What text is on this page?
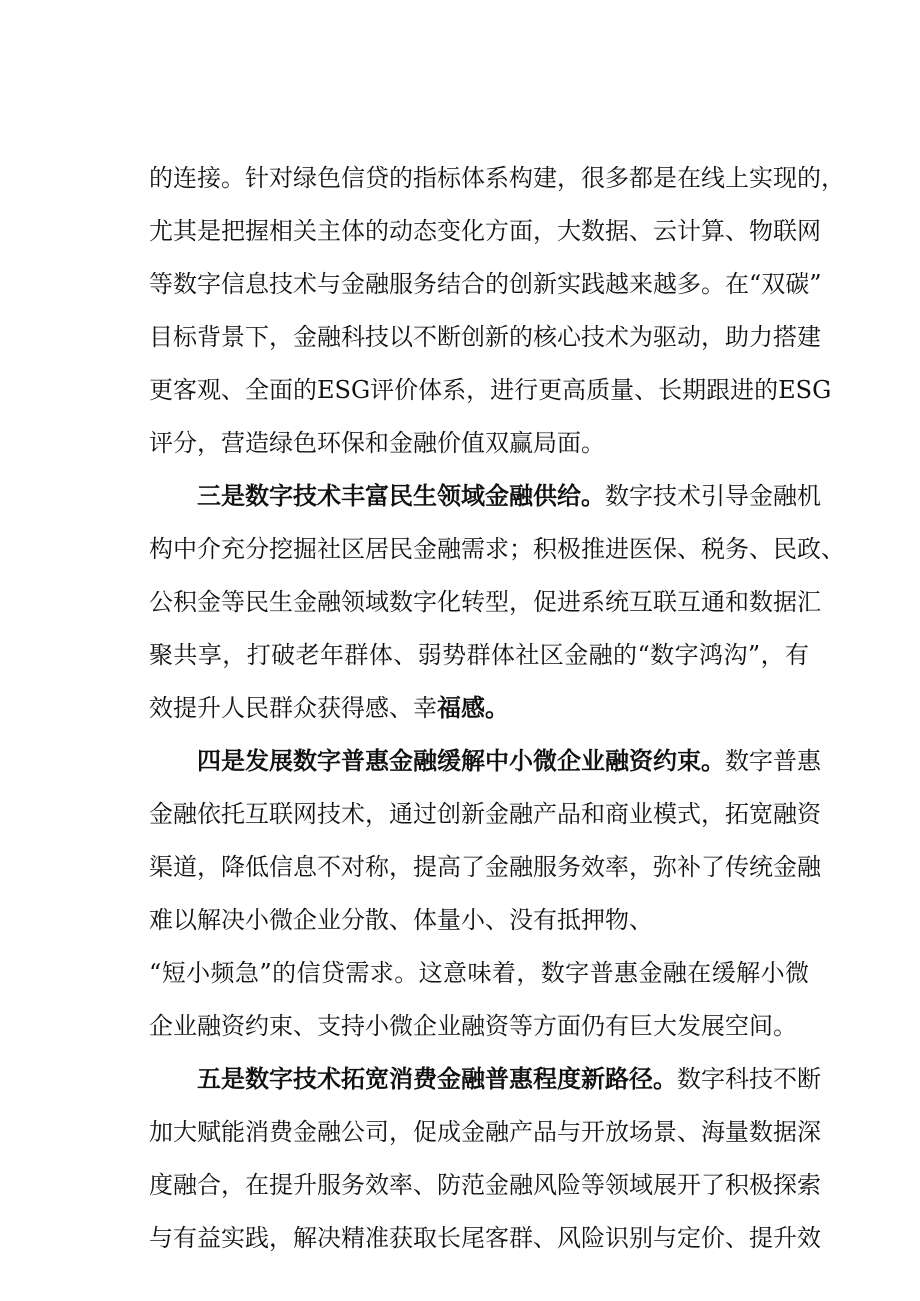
的连接。针对绿色信贷的指标体系构建，很多都是在线上实现的，
尤其是把握相关主体的动态变化方面，大数据、云计算、物联网
等数字信息技术与金融服务结合的创新实践越来越多。在“双碳”
目标背景下，金融科技以不断创新的核心技术为驱动，助力搭建
更客观、全面的ESG评价体系，进行更高质量、长期跟进的ESG
评分，营造绿色环保和金融价值双赢局面。
三是数字技术丰富民生领域金融供给。数字技术引导金融机
构中介充分挖掘社区居民金融需求；积极推进医保、税务、民政、
公积金等民生金融领域数字化转型，促进系统互联互通和数据汇
聚共享，打破老年群体、弱势群体社区金融的“数字鸿沟”，有
效提升人民群众获得感、幸福感。
四是发展数字普惠金融缓解中小微企业融资约束。数字普惠
金融依托互联网技术，通过创新金融产品和商业模式，拓宽融资
渠道，降低信息不对称，提高了金融服务效率，弥补了传统金融
难以解决小微企业分散、体量小、没有抵押物、
“短小频急”的信贷需求。这意味着，数字普惠金融在缓解小微
企业融资约束、支持小微企业融资等方面仍有巨大发展空间。
五是数字技术拓宽消费金融普惠程度新路径。数字科技不断
加大赋能消费金融公司，促成金融产品与开放场景、海量数据深
度融合，在提升服务效率、防范金融风险等领域展开了积极探索
与有益实践，解决精准获取长尾客群、风险识别与定价、提升效
